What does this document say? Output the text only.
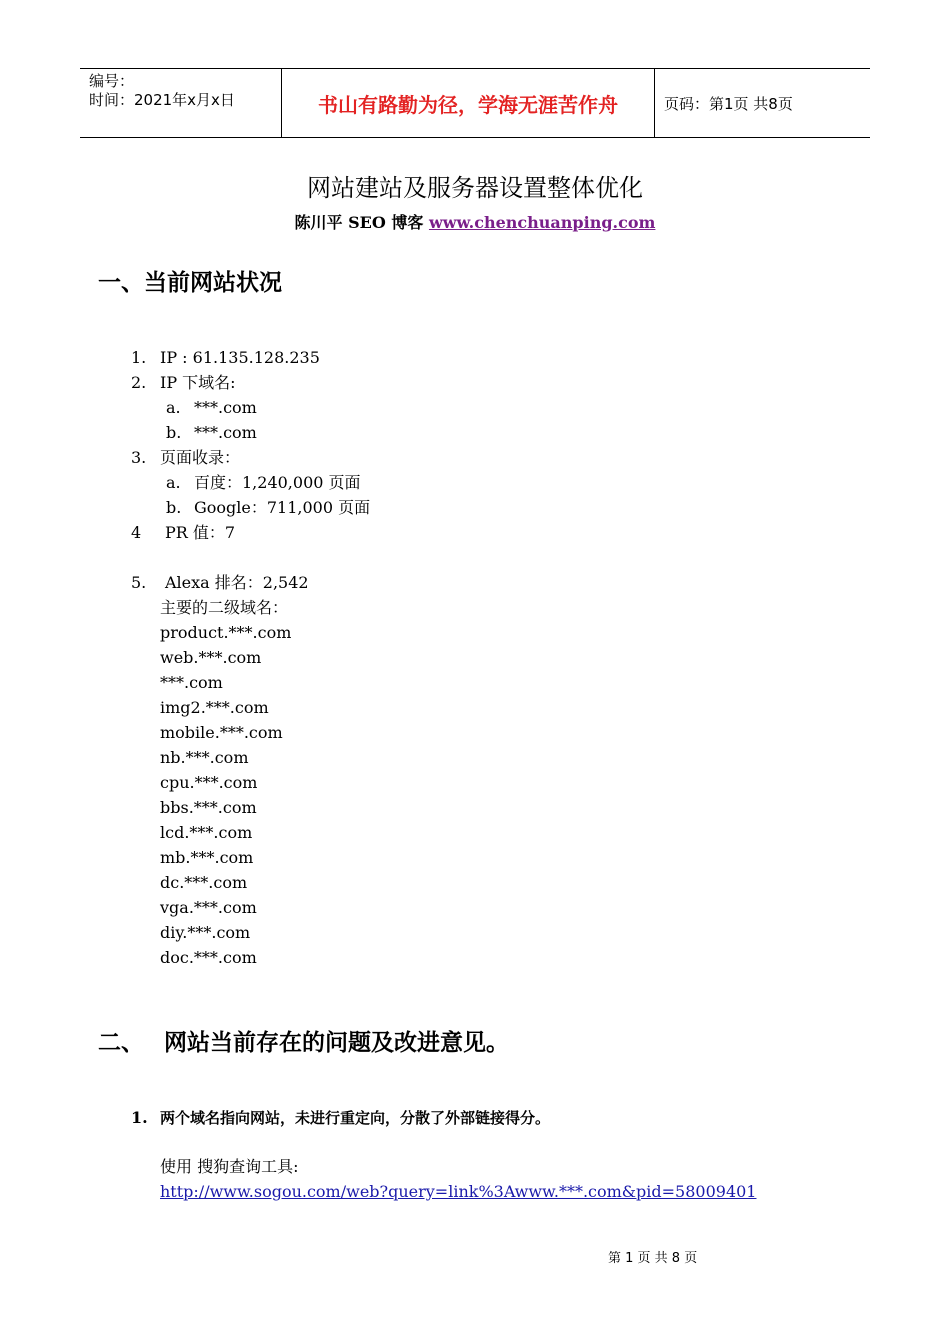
编号：
时间：2021年x月x日	书山有路勤为径，学海无涯苦作舟	页码：第1页 共8页
网站建站及服务器设置整体优化
陈川平 SEO 博客 www.chenchuanping.com
一、当前网站状况
1. IP : 61.135.128.235
2. IP 下域名:
a. ***.com
b. ***.com
3. 页面收录：
a. 百度：1,240,000 页面
b. Google：711,000 页面
4 PR 值：7
5. Alexa 排名：2,542
主要的二级域名：
product.***.com
web.***.com
***.com
img2.***.com
mobile.***.com
nb.***.com
cpu.***.com
bbs.***.com
lcd.***.com
mb.***.com
dc.***.com
vga.***.com
diy.***.com
doc.***.com
二、 网站当前存在的问题及改进意见。
1. 两个域名指向网站，未进行重定向，分散了外部链接得分。
使用 搜狗查询工具:
http://www.sogou.com/web?query=link%3Awww.***.com&pid=58009401
第 1 页 共 8 页
